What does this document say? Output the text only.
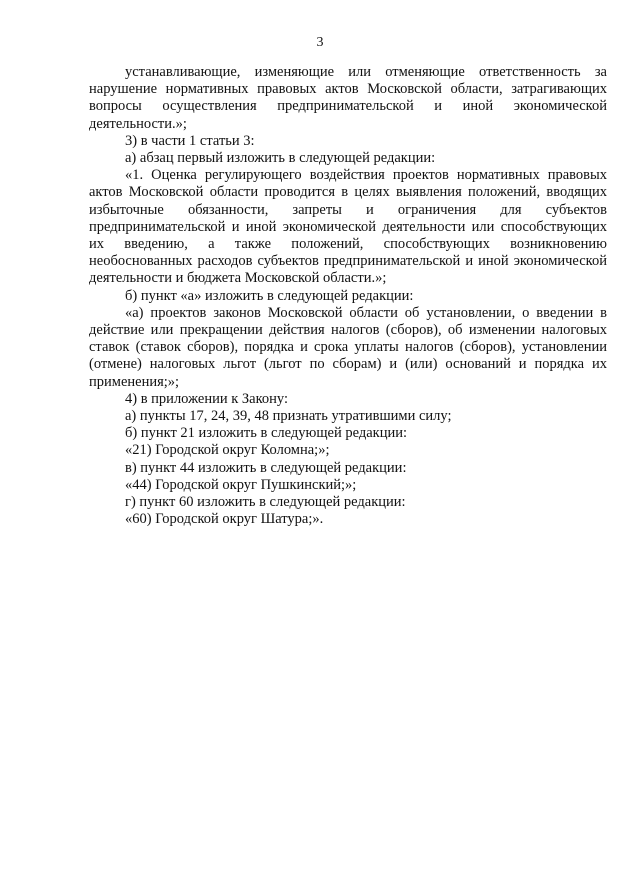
3

устанавливающие, изменяющие или отменяющие ответственность за нарушение нормативных правовых актов Московской области, затрагивающих вопросы осуществления предпринимательской и иной экономической деятельности.»;

3) в части 1 статьи 3:

а) абзац первый изложить в следующей редакции:

«1. Оценка регулирующего воздействия проектов нормативных правовых актов Московской области проводится в целях выявления положений, вводящих избыточные обязанности, запреты и ограничения для субъектов предпринимательской и иной экономической деятельности или способствующих их введению, а также положений, способствующих возникновению необоснованных расходов субъектов предпринимательской и иной экономической деятельности и бюджета Московской области.»;

б) пункт «а» изложить в следующей редакции:

«а) проектов законов Московской области об установлении, о введении в действие или прекращении действия налогов (сборов), об изменении налоговых ставок (ставок сборов), порядка и срока уплаты налогов (сборов), установлении (отмене) налоговых льгот (льгот по сборам) и (или) оснований и порядка их применения;»;

4) в приложении к Закону:

а) пункты 17, 24, 39, 48 признать утратившими силу;

б) пункт 21 изложить в следующей редакции:

«21) Городской округ Коломна;»;

в) пункт 44 изложить в следующей редакции:

«44) Городской округ Пушкинский;»;

г) пункт 60 изложить в следующей редакции:

«60) Городской округ Шатура;».
